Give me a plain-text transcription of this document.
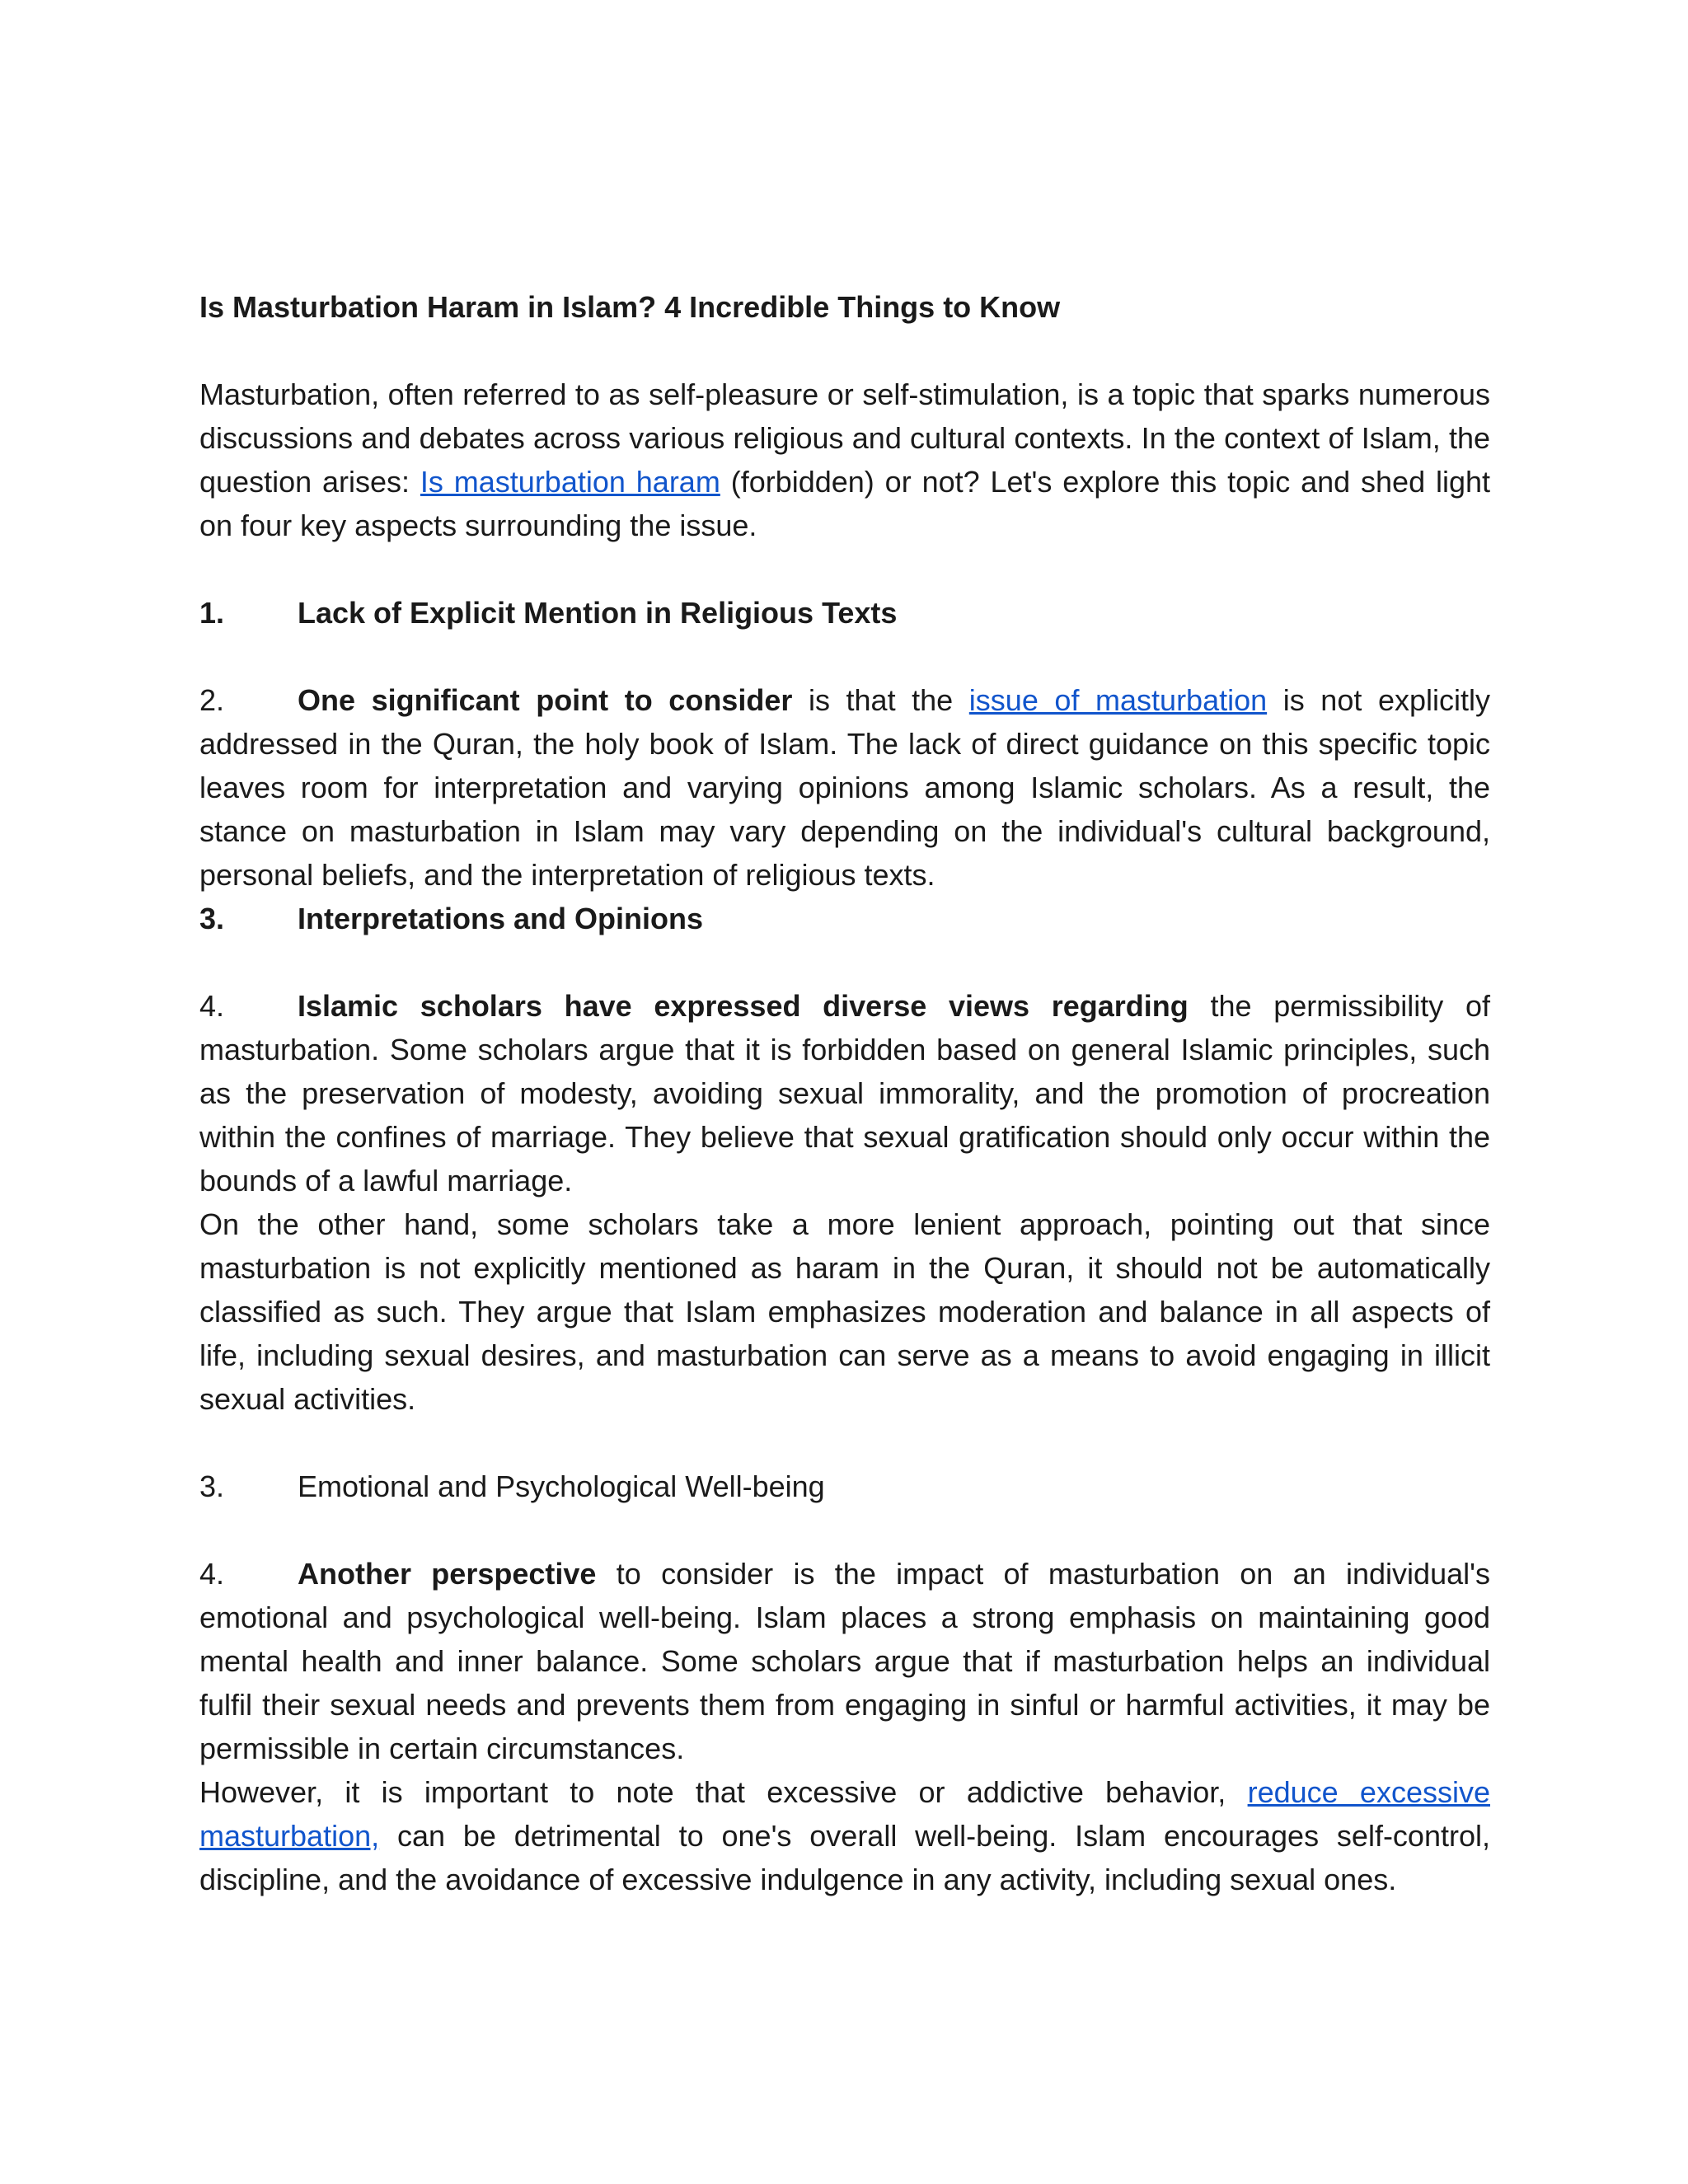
Is Masturbation Haram in Islam? 4 Incredible Things to Know

Masturbation, often referred to as self-pleasure or self-stimulation, is a topic that sparks numerous discussions and debates across various religious and cultural contexts. In the context of Islam, the question arises: Is masturbation haram (forbidden) or not? Let's explore this topic and shed light on four key aspects surrounding the issue.

1.	Lack of Explicit Mention in Religious Texts

2. One significant point to consider is that the issue of masturbation is not explicitly addressed in the Quran, the holy book of Islam. The lack of direct guidance on this specific topic leaves room for interpretation and varying opinions among Islamic scholars. As a result, the stance on masturbation in Islam may vary depending on the individual's cultural background, personal beliefs, and the interpretation of religious texts.

3.	Interpretations and Opinions

4. Islamic scholars have expressed diverse views regarding the permissibility of masturbation. Some scholars argue that it is forbidden based on general Islamic principles, such as the preservation of modesty, avoiding sexual immorality, and the promotion of procreation within the confines of marriage. They believe that sexual gratification should only occur within the bounds of a lawful marriage.

On the other hand, some scholars take a more lenient approach, pointing out that since masturbation is not explicitly mentioned as haram in the Quran, it should not be automatically classified as such. They argue that Islam emphasizes moderation and balance in all aspects of life, including sexual desires, and masturbation can serve as a means to avoid engaging in illicit sexual activities.

3.	Emotional and Psychological Well-being

4. Another perspective to consider is the impact of masturbation on an individual's emotional and psychological well-being. Islam places a strong emphasis on maintaining good mental health and inner balance. Some scholars argue that if masturbation helps an individual fulfil their sexual needs and prevents them from engaging in sinful or harmful activities, it may be permissible in certain circumstances.

However, it is important to note that excessive or addictive behavior, reduce excessive masturbation, can be detrimental to one's overall well-being. Islam encourages self-control, discipline, and the avoidance of excessive indulgence in any activity, including sexual ones.
